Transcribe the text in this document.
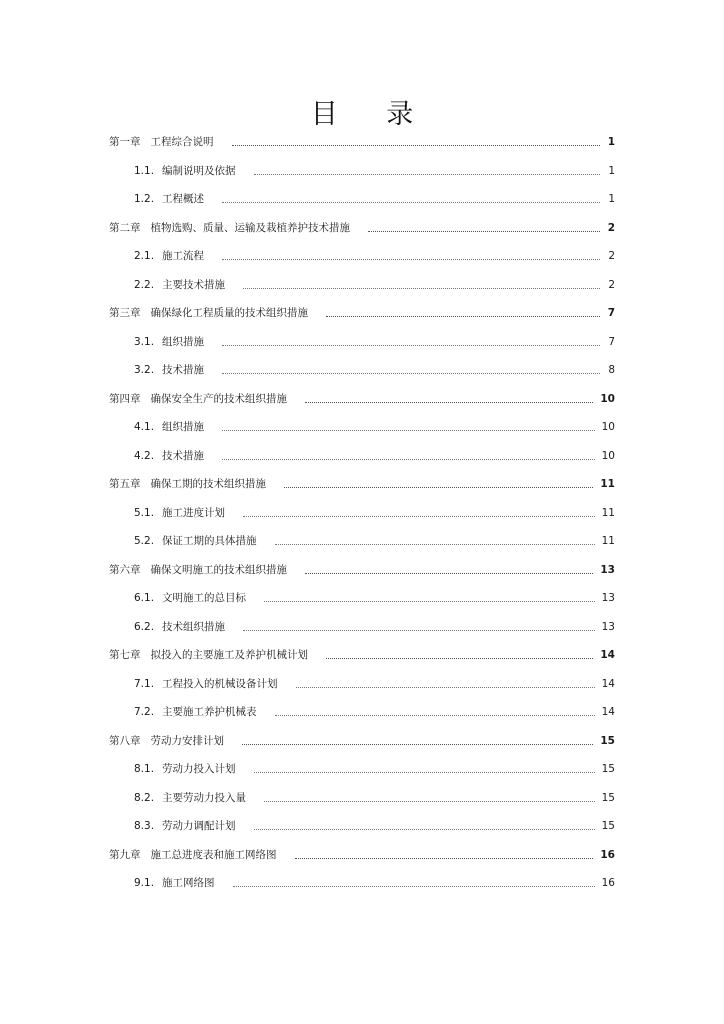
目 录
第一章 工程综合说明	1
1.1. 编制说明及依据	1
1.2. 工程概述	1
第二章 植物选购、质量、运输及栽植养护技术措施	2
2.1. 施工流程	2
2.2. 主要技术措施	2
第三章 确保绿化工程质量的技术组织措施	7
3.1. 组织措施	7
3.2. 技术措施	8
第四章 确保安全生产的技术组织措施	10
4.1. 组织措施	10
4.2. 技术措施	10
第五章 确保工期的技术组织措施	11
5.1. 施工进度计划	11
5.2. 保证工期的具体措施	11
第六章 确保文明施工的技术组织措施	13
6.1. 文明施工的总目标	13
6.2. 技术组织措施	13
第七章 拟投入的主要施工及养护机械计划	14
7.1. 工程投入的机械设备计划	14
7.2. 主要施工养护机械表	14
第八章 劳动力安排计划	15
8.1. 劳动力投入计划	15
8.2. 主要劳动力投入量	15
8.3. 劳动力调配计划	15
第九章 施工总进度表和施工网络图	16
9.1. 施工网络图	16
